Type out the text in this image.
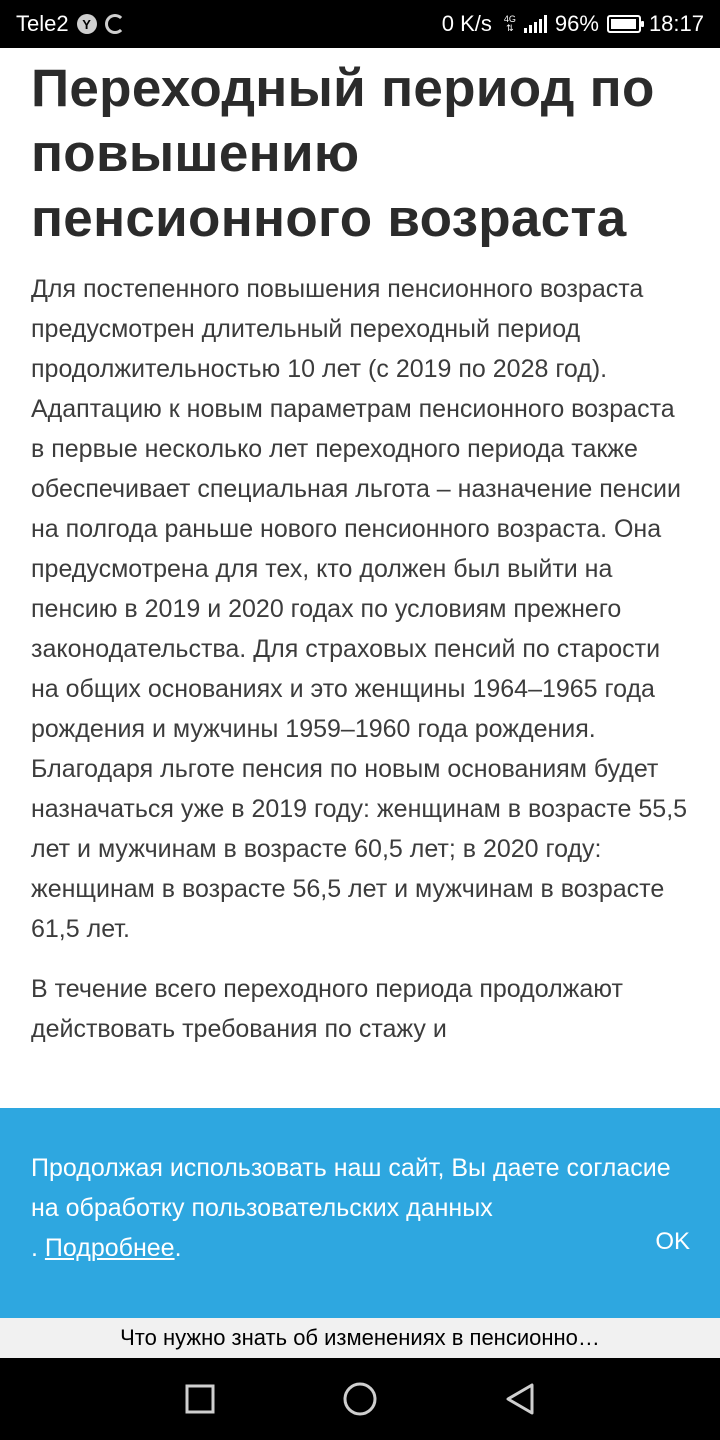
Tele2	Y	0 K/s 4G
⇅ 96% 18:17
Переходный период по повышению пенсионного возраста

Для постепенного повышения пенсионного возраста предусмотрен длительный переходный период продолжительностью 10 лет (с 2019 по 2028 год). Адаптацию к новым параметрам пенсионного возраста в первые несколько лет переходного периода также обеспечивает специальная льгота – назначение пенсии на полгода раньше нового пенсионного возраста. Она предусмотрена для тех, кто должен был выйти на пенсию в 2019 и 2020 годах по условиям прежнего законодательства. Для страховых пенсий по старости на общих основаниях и это женщины 1964–1965 года рождения и мужчины 1959–1960 года рождения. Благодаря льготе пенсия по новым основаниям будет назначаться уже в 2019 году: женщинам в возрасте 55,5 лет и мужчинам в возрасте 60,5 лет; в 2020 году: женщинам в возрасте 56,5 лет и мужчинам в возрасте 61,5 лет.

В течение всего переходного периода продолжают действовать требования по стажу и

Продолжая использовать наш сайт, Вы даете согласие на обработку пользовательских данных
. Подробнее.	OK
Что нужно знать об изменениях в пенсионно…
